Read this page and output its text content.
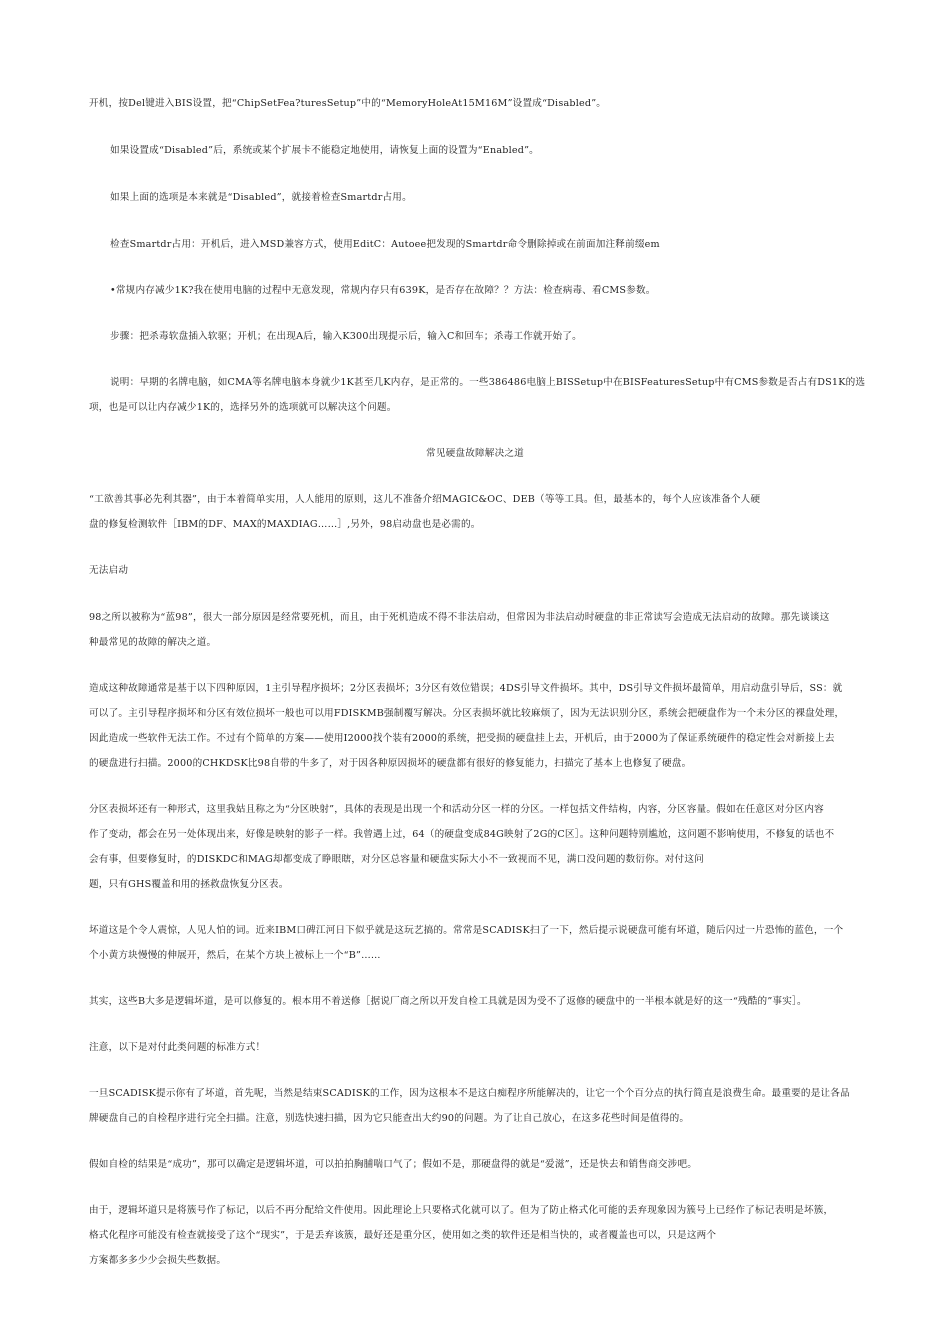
开机，按Del键进入BIS设置，把“ChipSetFea?turesSetup”中的“MemoryHoleAt15M16M”设置成“Disabled”。

如果设置成“Disabled”后，系统或某个扩展卡不能稳定地使用，请恢复上面的设置为“Enabled”。

如果上面的选项是本来就是“Disabled”，就接着检查Smartdr占用。

检查Smartdr占用：开机后，进入MSD兼容方式，使用EditC：Autoee把发现的Smartdr命令删除掉或在前面加注释前缀em

•常规内存减少1K?我在使用电脑的过程中无意发现，常规内存只有639K，是否存在故障？？方法：检查病毒、看CMS参数。

步骤：把杀毒软盘插入软驱；开机；在出现A后，输入K300出现提示后，输入C和回车；杀毒工作就开始了。

说明：早期的名牌电脑，如CMA等名牌电脑本身就少1K甚至几K内存，是正常的。一些386486电脑上BISSetup中在BISFeaturesSetup中有CMS参数是否占有DS1K的选

项，也是可以让内存减少1K的，选择另外的选项就可以解决这个问题。

常见硬盘故障解决之道

“工欲善其事必先利其器”，由于本着简单实用，人人能用的原则，这儿不准备介绍MAGIC&OC、DEB（等等工具。但，最基本的，每个人应该准备个人硬

盘的修复检测软件［IBM的DF、MAX的MAXDIAG……］,另外，98启动盘也是必需的。

无法启动

98之所以被称为“蓝98”，很大一部分原因是经常要死机，而且，由于死机造成不得不非法启动，但常因为非法启动时硬盘的非正常读写会造成无法启动的故障。那先谈谈这

种最常见的故障的解决之道。

造成这种故障通常是基于以下四种原因，1主引导程序损坏；2分区表损坏；3分区有效位错误；4DS引导文件损坏。其中，DS引导文件损坏最简单，用启动盘引导后，SS：就

可以了。主引导程序损坏和分区有效位损坏一般也可以用FDISKMB强制覆写解决。分区表损坏就比较麻烦了，因为无法识别分区，系统会把硬盘作为一个未分区的裸盘处理，

因此造成一些软件无法工作。不过有个简单的方案——使用I2000找个装有2000的系统，把受损的硬盘挂上去，开机后，由于2000为了保证系统硬件的稳定性会对新接上去

的硬盘进行扫描。2000的CHKDSK比98自带的牛多了，对于因各种原因损坏的硬盘都有很好的修复能力，扫描完了基本上也修复了硬盘。

分区表损坏还有一种形式，这里我姑且称之为“分区映射”，具体的表现是出现一个和活动分区一样的分区。一样包括文件结构，内容，分区容量。假如在任意区对分区内容

作了变动，都会在另一处体现出来，好像是映射的影子一样。我曾遇上过，64（的硬盘变成84G映射了2G的C区］。这种问题特别尴尬，这问题不影响使用，不修复的话也不

会有事，但要修复时，的DISKDC和MAG却都变成了睁眼瞎，对分区总容量和硬盘实际大小不一致视而不见，满口没问题的数衍你。对付这问

题，只有GHS覆盖和用的拯救盘恢复分区表。

坏道这是个令人震惊，人见人怕的词。近来IBM口碑江河日下似乎就是这玩艺搞的。常常是SCADISK扫了一下，然后提示说硬盘可能有坏道，随后闪过一片恐怖的蓝色，一个

个小黄方块慢慢的伸展开，然后，在某个方块上被标上一个“B”……

其实，这些B大多是逻辑坏道，是可以修复的。根本用不着送修［据说厂商之所以开发自检工具就是因为受不了返修的硬盘中的一半根本就是好的这一“残酷的”事实］。

注意，以下是对付此类问题的标准方式！

一旦SCADISK提示你有了坏道，首先呢，当然是结束SCADISK的工作，因为这根本不是这白痴程序所能解决的，让它一个个百分点的执行简直是浪费生命。最重要的是让各品

牌硬盘自己的自检程序进行完全扫描。注意，别选快速扫描，因为它只能查出大约90的问题。为了让自己放心，在这多花些时间是值得的。

假如自检的结果是“成功”，那可以确定是逻辑坏道，可以拍拍胸脯喘口气了；假如不是，那硬盘得的就是“爱滋”，还是快去和销售商交涉吧。

由于，逻辑坏道只是将簇号作了标记，以后不再分配给文件使用。因此理论上只要格式化就可以了。但为了防止格式化可能的丢弃现象因为簇号上已经作了标记表明是坏簇，

格式化程序可能没有检查就接受了这个“现实”，于是丢弃该簇，最好还是重分区，使用如之类的软件还是相当快的，或者覆盖也可以，只是这两个

方案都多多少少会损失些数据。
